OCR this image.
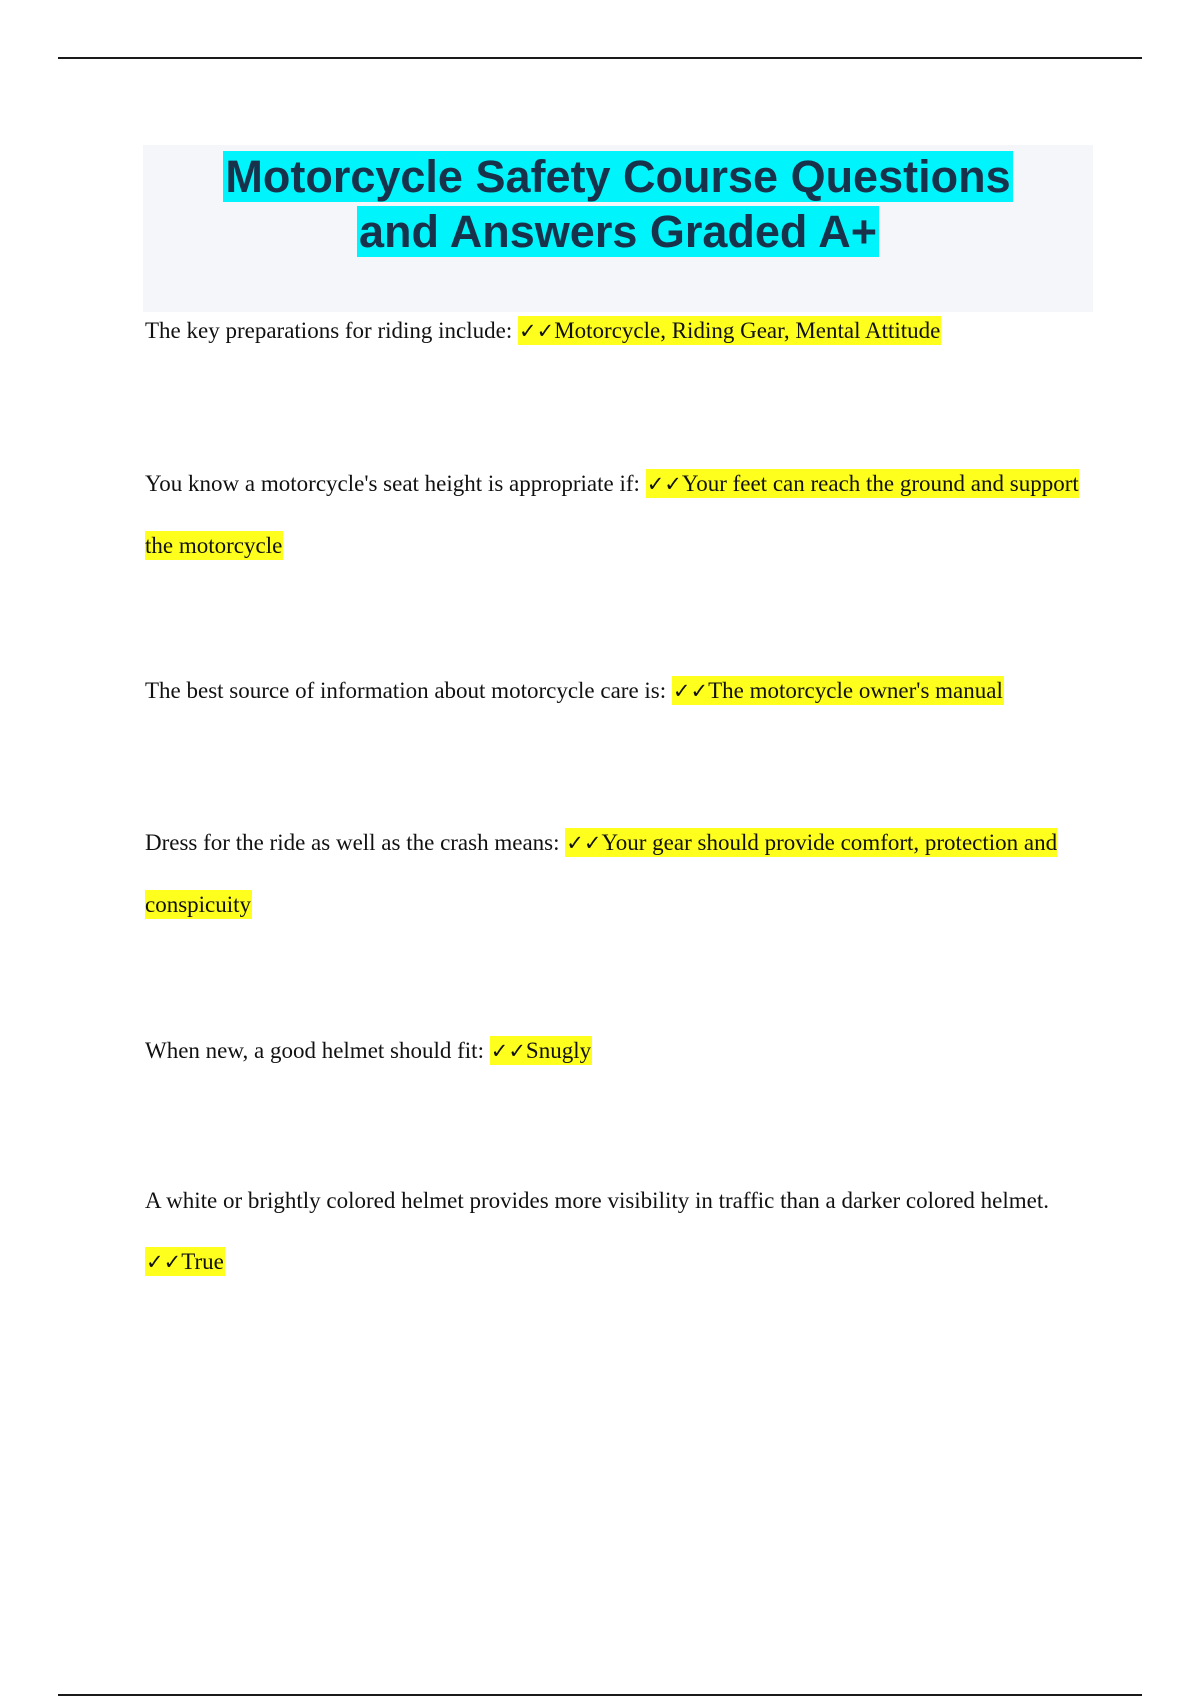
Motorcycle Safety Course Questions
and Answers Graded A+

The key preparations for riding include: ✓✓Motorcycle, Riding Gear, Mental Attitude

You know a motorcycle's seat height is appropriate if: ✓✓Your feet can reach the ground and support the motorcycle

The best source of information about motorcycle care is: ✓✓The motorcycle owner's manual

Dress for the ride as well as the crash means: ✓✓Your gear should provide comfort, protection and conspicuity

When new, a good helmet should fit: ✓✓Snugly

A white or brightly colored helmet provides more visibility in traffic than a darker colored helmet. ✓✓True
